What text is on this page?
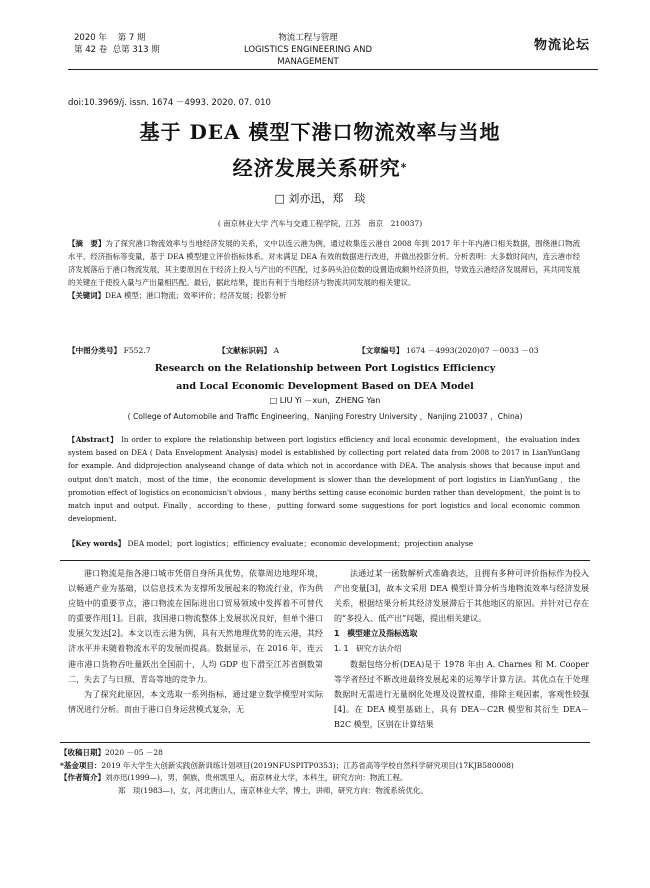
2020 年 第 7 期
第 42 卷 总第 313 期
物流工程与管理
LOGISTICS ENGINEERING AND MANAGEMENT
物流论坛
doi:10.3969/j. issn. 1674 －4993. 2020. 07. 010
基于 DEA 模型下港口物流效率与当地
经济发展关系研究*
□ 刘亦迅，郑　琰
( 南京林业大学 汽车与交通工程学院，江苏　南京　210037)
【摘　要】为了探究港口物流效率与当地经济发展的关系，文中以连云港为例，通过收集连云港自 2008 年到 2017 年十年内港口相关数据，围绕港口物流水平、经济指标等变量，基于 DEA 模型建立评价指标体系。对未满足 DEA 有效的数据进行改进，并做出投影分析。分析表明：大多数时间内，连云港市经济发展落后于港口物流发展，其主要原因在于经济上投入与产出的不匹配，过多码头泊位数的设置造成额外经济负担，导致连云港经济发展滞后，其共同发展的关键在于使投入量与产出量相匹配。最后，据此结果，提出有利于当地经济与物流共同发展的相关建议。
【关键词】DEA 模型；港口物流；效率评价；经济发展；投影分析
【中图分类号】 F552.7	【文献标识码】 A	【文章编号】 1674 －4993(2020)07 －0033 －03
Research on the Relationship between Port Logistics Efficiency
and Local Economic Development Based on DEA Model
□ LIU Yi －xun，ZHENG Yan
( College of Automobile and Traffic Engineering，Nanjing Forestry University ，Nanjing 210037 ，China)
【Abstract】 In order to explore the relationship between port logistics efficiency and local economic development，the evaluation index system based on DEA ( Data Envelopment Analysis) model is established by collecting port related data from 2008 to 2017 in LianYunGang for example. And didprojection analyseand change of data which not in accordance with DEA. The analysis shows that because input and output don't match，most of the time，the economic development is slower than the development of port logistics in LianYunGang ，the promotion effect of logistics on economicisn't obvious ，many berths setting cause economic burden rather than development，the point is to match input and output. Finally，according to these，putting forward some suggestions for port logistics and local economic common development.
【Key words】 DEA model；port logistics；efficiency evaluate；economic development；projection analyse

港口物流是指各港口城市凭借自身所具优势，依靠周边地理环境，以畅通产业为基础，以信息技术为支撑所发展起来的物流行业，作为供应链中的重要节点，港口物流在国际进出口贸易领域中发挥着不可替代的重要作用[1]。目前，我国港口物流整体上发展状况良好，但单个港口发展欠发达[2]。本文以连云港为例，具有天然地理优势的连云港，其经济水平并未随着物流水平的发展而提高。数据显示，在 2016 年，连云港市港口货物吞吐量跃出全国前十，人均 GDP 也下滑至江苏省倒数第二，失去了与日照、青岛等地的竞争力。

为了探究此原因，本文选取一系列指标，通过建立数学模型对实际情况进行分析。而由于港口自身运营模式复杂，无

法通过某一函数解析式准确表达，且拥有多种可评价指标作为投入产出变量[3]，故本文采用 DEA 模型计算分析当地物流效率与经济发展关系，根据结果分析其经济发展滞后于其他地区的原因。并针对已存在的“多投入、低产出”问题，提出相关建议。

1　模型建立及指标选取
1. 1　研究方法介绍

数据包络分析(DEA)是于 1978 年由 A. Charnes 和 M. Cooper 等学者经过不断改进最终发展起来的运筹学计算方法。其优点在于处理数据时无需进行无量纲化处理及设置权重，排除主观因素，客观性较强[4]。在 DEA 模型基础上，具有 DEA－C2R 模型和其衍生 DEA－B2C 模型，区别在计算结果

【收稿日期】2020 －05 －28
*基金项目：2019 年大学生大创新实践创新训练计划项目(2019NFUSPITP0353)；江苏省高等学校自然科学研究项目(17KJB580008)
【作者简介】刘亦迅(1999—)，男，侗族，贵州凯里人，南京林业大学，本科生，研究方向：物流工程。
郑　琰(1983—)，女，河北唐山人，南京林业大学，博士，讲师，研究方向：物流系统优化。
